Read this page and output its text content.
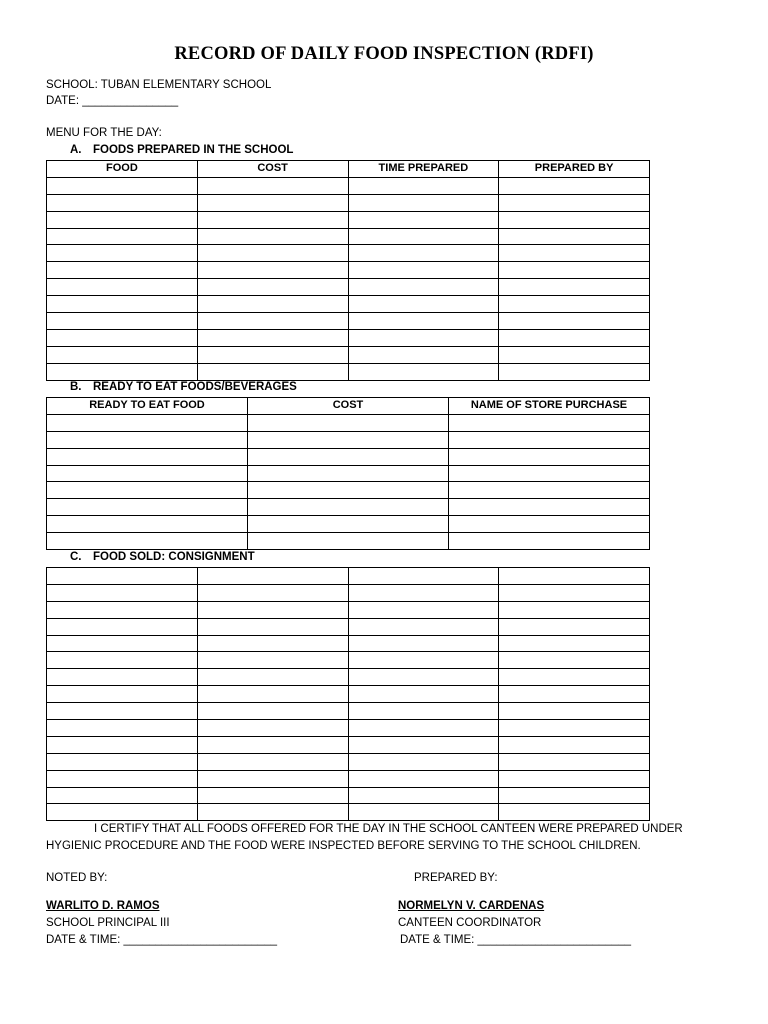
RECORD OF DAILY FOOD INSPECTION (RDFI)
SCHOOL: TUBAN ELEMENTARY SCHOOL
DATE: _______________
MENU FOR THE DAY:
A. FOODS PREPARED IN THE SCHOOL
FOOD	COST	TIME PREPARED	PREPARED BY

B. READY TO EAT FOODS/BEVERAGES
READY TO EAT FOOD	COST	NAME OF STORE PURCHASE

C. FOOD SOLD: CONSIGNMENT

I CERTIFY THAT ALL FOODS OFFERED FOR THE DAY IN THE SCHOOL CANTEEN WERE PREPARED UNDER HYGIENIC PROCEDURE AND THE FOOD WERE INSPECTED BEFORE SERVING TO THE SCHOOL CHILDREN.
NOTED BY:	PREPARED BY:
WARLITO D. RAMOS	NORMELYN V. CARDENAS
SCHOOL PRINCIPAL III	CANTEEN COORDINATOR
DATE & TIME: ________________________	DATE & TIME: ________________________
